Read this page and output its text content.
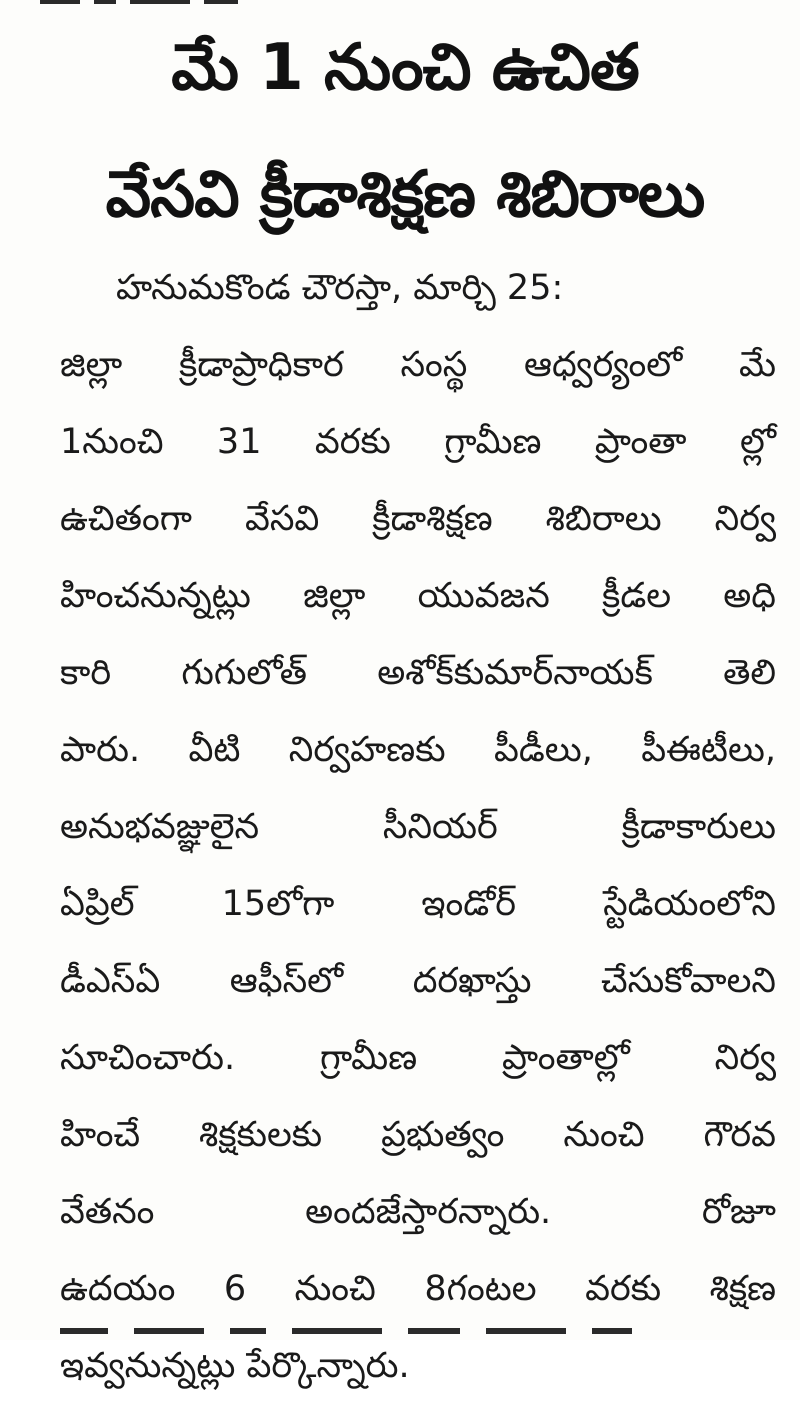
మే 1 నుంచి ఉచిత
వేసవి క్రీడాశిక్షణ శిబిరాలు
హనుమకొండ చౌరస్తా, మార్చి 25:
జిల్లా క్రీడాప్రాధికార సంస్థ ఆధ్వర్యంలో మే
1నుంచి 31 వరకు గ్రామీణ ప్రాంతా ల్లో
ఉచితంగా వేసవి క్రీడాశిక్షణ శిబిరాలు నిర్వ
హించనున్నట్లు జిల్లా యువజన క్రీడల అధి
కారి గుగులోత్ అశోక్‌కుమార్‌నాయక్ తెలి
పారు. వీటి నిర్వహణకు పీడీలు, పీఈటీలు,
అనుభవజ్ఞులైన సీనియర్ క్రీడాకారులు
ఏప్రిల్ 15లోగా ఇండోర్ స్టేడియంలోని
డీఎస్‌ఏ ఆఫీస్‌లో దరఖాస్తు చేసుకోవాలని
సూచించారు. గ్రామీణ ప్రాంతాల్లో నిర్వ
హించే శిక్షకులకు ప్రభుత్వం నుంచి గౌరవ
వేతనం అందజేస్తారన్నారు. రోజూ
ఉదయం 6 నుంచి 8గంటల వరకు శిక్షణ
ఇవ్వనున్నట్లు పేర్కొన్నారు.
